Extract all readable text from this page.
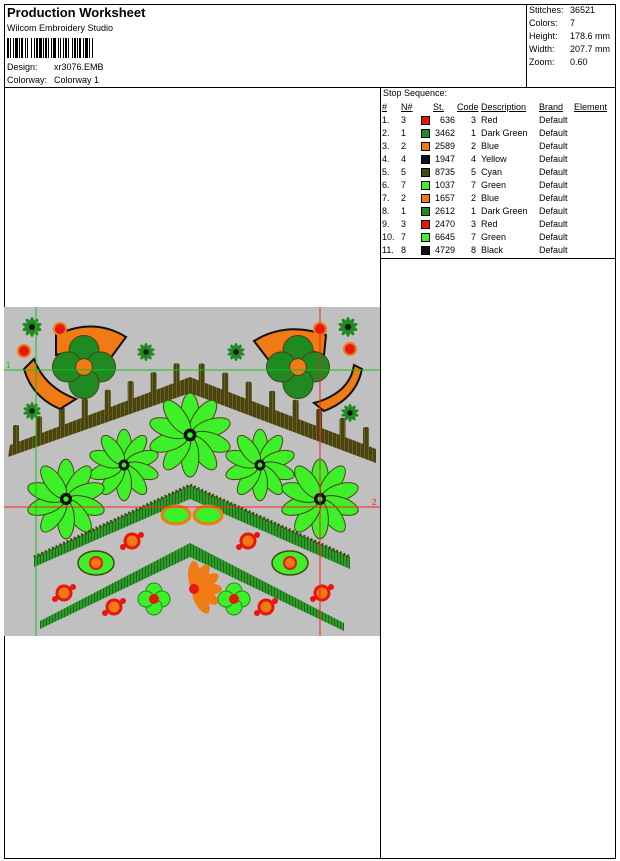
Production Worksheet
Wilcom Embroidery Studio
Design: xr3076.EMB
Colorway: Colorway 1
Stitches: 36521
Colors: 7
Height: 178.6 mm
Width: 207.7 mm
Zoom: 0.60
Stop Sequence:
#	N#		St.	Code	Description	Brand	Element
1.	3		636	3	Red	Default	
2.	1		3462	1	Dark Green	Default	
3.	2		2589	2	Blue	Default	
4.	4		1947	4	Yellow	Default	
5.	5		8735	5	Cyan	Default	
6.	7		1037	7	Green	Default	
7.	2		1657	2	Blue	Default	
8.	1		2612	1	Dark Green	Default	
9.	3		2470	3	Red	Default	
10.	7		6645	7	Green	Default	
11.	8		4729	8	Black	Default	
1
2
